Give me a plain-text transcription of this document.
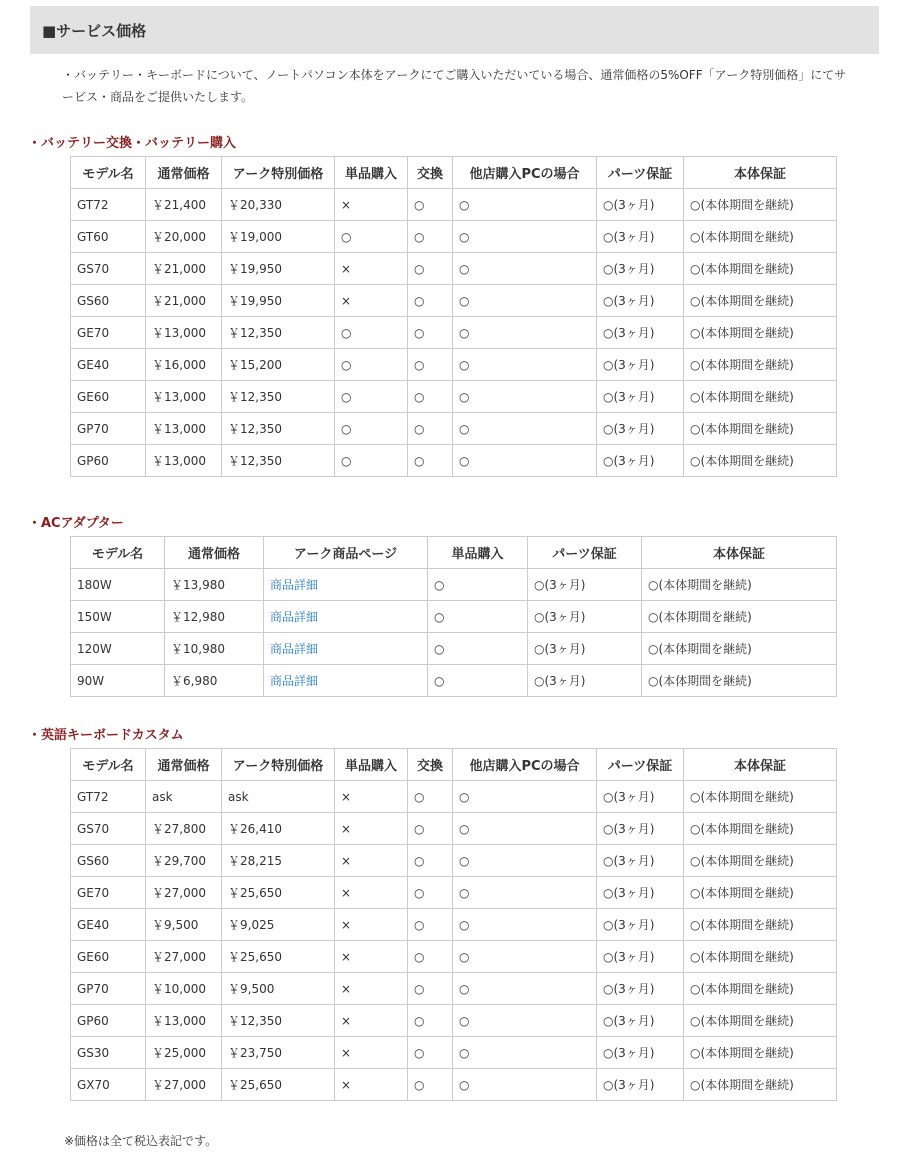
■サービス価格
・バッテリー・キーボードについて、ノートパソコン本体をアークにてご購入いただいている場合、通常価格の5%OFF「アーク特別価格」にてサービス・商品をご提供いたします。
・バッテリー交換・バッテリー購入
モデル名	通常価格	アーク特別価格	単品購入	交換	他店購入PCの場合	パーツ保証	本体保証
GT72	￥21,400	￥20,330	×	○	○	○(3ヶ月)	○(本体期間を継続)
GT60	￥20,000	￥19,000	○	○	○	○(3ヶ月)	○(本体期間を継続)
GS70	￥21,000	￥19,950	×	○	○	○(3ヶ月)	○(本体期間を継続)
GS60	￥21,000	￥19,950	×	○	○	○(3ヶ月)	○(本体期間を継続)
GE70	￥13,000	￥12,350	○	○	○	○(3ヶ月)	○(本体期間を継続)
GE40	￥16,000	￥15,200	○	○	○	○(3ヶ月)	○(本体期間を継続)
GE60	￥13,000	￥12,350	○	○	○	○(3ヶ月)	○(本体期間を継続)
GP70	￥13,000	￥12,350	○	○	○	○(3ヶ月)	○(本体期間を継続)
GP60	￥13,000	￥12,350	○	○	○	○(3ヶ月)	○(本体期間を継続)
・ACアダプター
モデル名	通常価格	アーク商品ページ	単品購入	パーツ保証	本体保証
180W	￥13,980	商品詳細	○	○(3ヶ月)	○(本体期間を継続)
150W	￥12,980	商品詳細	○	○(3ヶ月)	○(本体期間を継続)
120W	￥10,980	商品詳細	○	○(3ヶ月)	○(本体期間を継続)
90W	￥6,980	商品詳細	○	○(3ヶ月)	○(本体期間を継続)
・英語キーボードカスタム
モデル名	通常価格	アーク特別価格	単品購入	交換	他店購入PCの場合	パーツ保証	本体保証
GT72	ask	ask	×	○	○	○(3ヶ月)	○(本体期間を継続)
GS70	￥27,800	￥26,410	×	○	○	○(3ヶ月)	○(本体期間を継続)
GS60	￥29,700	￥28,215	×	○	○	○(3ヶ月)	○(本体期間を継続)
GE70	￥27,000	￥25,650	×	○	○	○(3ヶ月)	○(本体期間を継続)
GE40	￥9,500	￥9,025	×	○	○	○(3ヶ月)	○(本体期間を継続)
GE60	￥27,000	￥25,650	×	○	○	○(3ヶ月)	○(本体期間を継続)
GP70	￥10,000	￥9,500	×	○	○	○(3ヶ月)	○(本体期間を継続)
GP60	￥13,000	￥12,350	×	○	○	○(3ヶ月)	○(本体期間を継続)
GS30	￥25,000	￥23,750	×	○	○	○(3ヶ月)	○(本体期間を継続)
GX70	￥27,000	￥25,650	×	○	○	○(3ヶ月)	○(本体期間を継続)
※価格は全て税込表記です。
